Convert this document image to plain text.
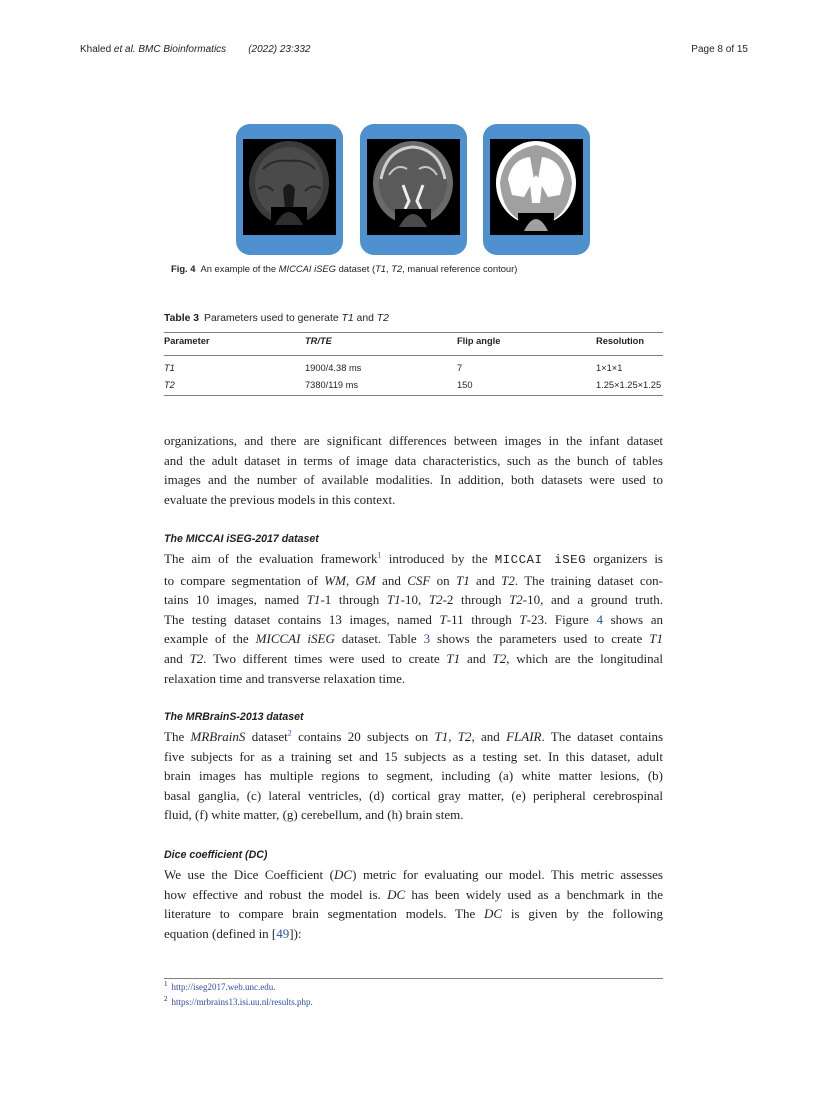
Khaled et al. BMC Bioinformatics (2022) 23:332	Page 8 of 15
Fig. 4 An example of the MICCAI iSEG dataset (T1, T2, manual reference contour)
Table 3 Parameters used to generate T1 and T2
Parameter	TR/TE	Flip angle	Resolution
T1	1900/4.38 ms	7	1×1×1
T2	7380/119 ms	150	1.25×1.25×1.25
organizations, and there are significant differences between images in the infant dataset
and the adult dataset in terms of image data characteristics, such as the bunch of tables
images and the number of available modalities. In addition, both datasets were used to
evaluate the previous models in this context.
The MICCAI iSEG-2017 dataset
The aim of the evaluation framework$^1$ introduced by the MICCAI iSEG organizers is
to compare segmentation of WM, GM and CSF on T1 and T2. The training dataset con-
tains 10 images, named T1-1 through T1-10, T2-2 through T2-10, and a ground truth.
The testing dataset contains 13 images, named T-11 through T-23. Figure 4 shows an
example of the MICCAI iSEG dataset. Table 3 shows the parameters used to create T1
and T2. Two different times were used to create T1 and T2, which are the longitudinal
relaxation time and transverse relaxation time.
The MRBrainS-2013 dataset
The MRBrainS dataset$^2$ contains 20 subjects on T1, T2, and FLAIR. The dataset contains
five subjects for as a training set and 15 subjects as a testing set. In this dataset, adult
brain images has multiple regions to segment, including (a) white matter lesions, (b)
basal ganglia, (c) lateral ventricles, (d) cortical gray matter, (e) peripheral cerebrospinal
fluid, (f) white matter, (g) cerebellum, and (h) brain stem.
Dice coefficient (DC)
We use the Dice Coefficient (DC) metric for evaluating our model. This metric assesses
how effective and robust the model is. DC has been widely used as a benchmark in the
literature to compare brain segmentation models. The DC is given by the following
equation (defined in [49]):
$^1$ http://iseg2017.web.unc.edu.
$^2$ https://mrbrains13.isi.uu.nl/results.php.
